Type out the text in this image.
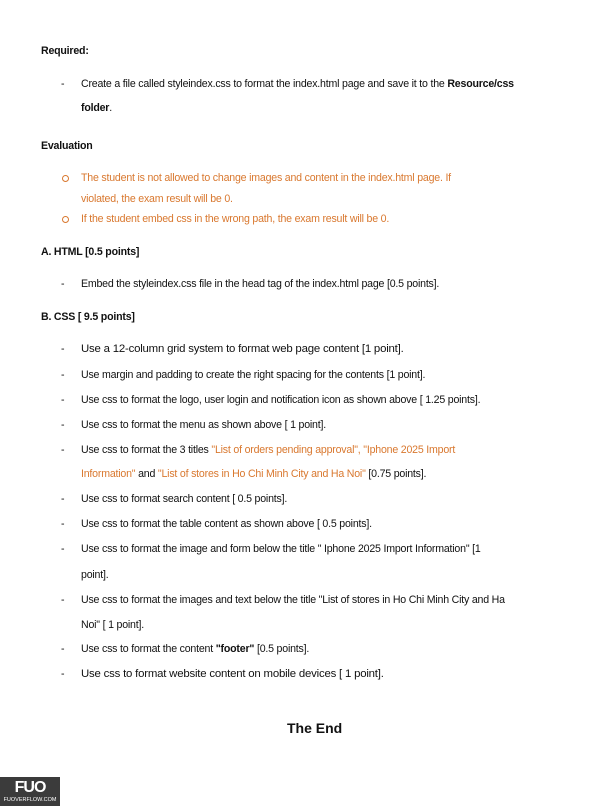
Required:
- Create a file called styleindex.css to format the index.html page and save it to the Resource/css
folder.
Evaluation
The student is not allowed to change images and content in the index.html page. If
violated, the exam result will be 0.
If the student embed css in the wrong path, the exam result will be 0.
A. HTML [0.5 points]
- Embed the styleindex.css file in the head tag of the index.html page [0.5 points].
B. CSS [ 9.5 points]
- Use a 12-column grid system to format web page content [1 point].
- Use margin and padding to create the right spacing for the contents [1 point].
- Use css to format the logo, user login and notification icon as shown above [ 1.25 points].
- Use css to format the menu as shown above [ 1 point].
- Use css to format the 3 titles "List of orders pending approval", "Iphone 2025 Import
Information" and "List of stores in Ho Chi Minh City and Ha Noi" [0.75 points].
- Use css to format search content [ 0.5 points].
- Use css to format the table content as shown above [ 0.5 points].
- Use css to format the image and form below the title " Iphone 2025 Import Information" [1
point].
- Use css to format the images and text below the title "List of stores in Ho Chi Minh City and Ha
Noi" [ 1 point].
- Use css to format the content "footer" [0.5 points].
- Use css to format website content on mobile devices [ 1 point].
The End
FUO
FUOVERFLOW.COM
